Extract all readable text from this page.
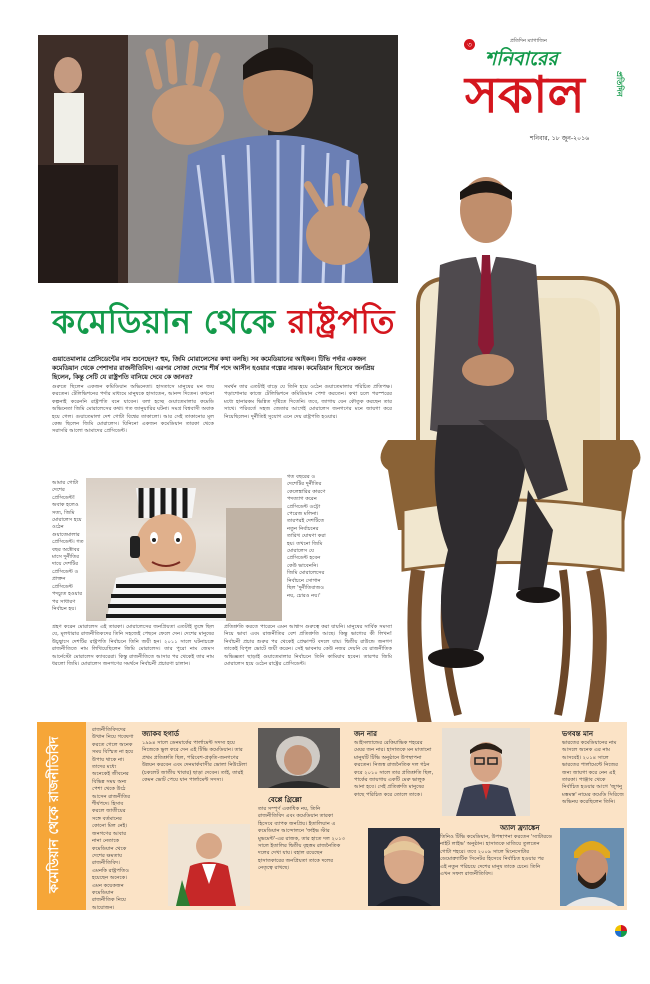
৩	প্রতিদিন ম্যাগাজিন
শনিবারের
সকাল	প্রতিদিন
শনিবার, ১৮ জুন-২০১৬
কমেডিয়ান থেকে রাষ্ট্রপতি
গুয়াতেমালার প্রেসিডেন্টের নাম শুনেছেন? হুম, জিমি মোরালেসের কথা বলছি। সব কমেডিয়ানের আইকন। টিভি পর্দার একজন কমেডিয়ান থেকে পেশাদার রাজনীতিবিদ। এরপর সোজা দেশের শীর্ষ পদে আসীন হওয়ার গল্পের নায়ক। কমেডিয়ান হিসেবে জনপ্রিয় ছিলেন, কিন্তু সেটি যে রাষ্ট্রপতি বানিয়ে দেবে কে জানত?
গুরুতে ছিলেন একজন কমিডিয়ান অভিনেতা। হাসতাসে মানুষের মন জয় করতেন। টেলিভিশনের পর্দার মাধ্যমে মানুষকে হাসাতেন, আনন্দ দিতেন। কখনো কল্পনাই করেননি রাষ্ট্রপতি বনে যাবেন। বলা হচ্ছে গুয়াতেমালার কমেডি অভিনেতা জিমি মোরালেসের কথা। গত জানুয়ারির ঘটনা। সমগ্র বিশ্ববাসী অবাক হয়ে গেল। গুয়াতেমালা দেশ গোটা বিশ্বের তাকালো। আর সেই তাকানোর মূল কেন্দ্র ছিলেন জিমি মোরালেস। যিনিনো একজন কমেডিয়ান তারকা থেকে সরাসরি আলো আমাদের প্রেসিডেন্ট।
সমর্থন তার এতটাই বাড়ে যে তিনি হয়ে ওঠেন গুয়াতেমালার পরিচিত প্রতিপক্ষ। পড়াশোনার কাজে টেলিভিশনে কমিডিয়ান পেশা করতেন। কথা চলে পরস্পরের মধ্যে হানারকম ভিন্নিত দৃষ্টিতে দিতেনি। তবে, জাগায় যেন কৌতুক করছেন তার সাথে। পরিবর্তে সহজ জেতার আগেই মোরালেস জনগণের মনে জায়গা করে নিয়েছিলেন। দুর্নীতিই সুযোগ এনে দেয় রাষ্ট্রপতি হওয়ার।
আমার গোটা দেশের প্রেসিডেন্ট! অবাক হলেও সত্য, জিমি মোরালেস হয়ে ওঠেন গুয়াতেমালার প্রেসিডেন্ট। গত বছর অক্টোবর মাসে দুর্নীতির দায়ে দেশটির প্রেসিডেন্ট ও প্রাক্তন প্রেসিডেন্ট পদচ্যুত হওয়ার পর সাধারণ নির্বাচন হয়।
গত বছরের ও দেশেটির দুর্নীতির কেলেঙ্কারির কারণে পদত্যাগ করেন প্রেসিডেন্ট ওট্টো পেরেজ মলিনা। তারপরই দেশটিতে নতুন নির্বাচনের তারিখ ঘোষণা করা হয়। তখনো জিমি মোরালেস যে প্রেসিডেন্ট হবেন কেউ ভাবেননি। জিমি মোরালেসের নির্বাচনে সোগান ছিল 'দুর্নীতিবাজও নয়, চোরও নয়।'
গ্রহণ করেন মোরালেস এই তারকা। মোরালেসের জনপ্রিয়তা এতটাই তুঙ্গে ছিল যে, মূলধারার রাজনীতিকদের তিনি সহজেই পেছনে ফেলে দেন। দেশের মানুষের উচ্ছ্বাসে দেশটির রাষ্ট্রপতি নির্বাচনে তিনি জয়ী হন। ২০১১ সালে ঘটনাচক্রে রাজনীতিতে নাম লিখিয়েছিলেন জিমি মোরালেস। তার পুরো নাম জেমস আর্নেস্টো মোরালেস ক্যাবরেরা। কিন্তু রাজনীতিতে আসার পর থেকেই তার নাম ধরলো জিমি। মোরালেস জনগণের সমর্থনে নির্বাচনী প্রচারণা চালান।
প্রতিশ্রুতি করতে পারেনে এমন আশ্বাস গুরুত্বে করা যায়নি। মানুষের সার্বিক সমস্যা নিয়ে ভাবা এবং রাজনীতির বেশ প্রতিশ্রুতি আছে। কিন্তু ভাগ্যের কী লিখন! নির্বাচনী প্রচার শুরুর পর থেকেই প্রেক্ষাপট বদলে যায়। দ্বিতীয় রাউন্ডে জনগণ তাকেই বিপুল ভোটে জয়ী করেন। সেই ভাবনায় কেউ নজর দেয়নি যে রাজনীতিক অভিজ্ঞতা ছাড়াই গুয়াতেমালার নির্বাচনে তিনি কামিয়াব হবেন। তারপর জিমি মোরালেস হয়ে ওঠেন রাষ্ট্রের প্রেসিডেন্ট।
কমেডিয়ান থেকে রাজনীতিবিদ
রাজনীতিবিদদের উত্থান নিয়ে গবেষণা করতে গেলে অনেক সময় বিস্মিত না হয়ে উপায় থাকে না। তাদের মধ্যে অনেকেই জীবনের বিভিন্ন সময় অন্য পেশা থেকে উঠে আসেন রাজনীতির শীর্ষপদে। হিসাব করলে জাতীয়ের সঙ্গে বর্তমানের কোনো মিল নেই। জনগণের আবার নানা নেতাকে কমেডিয়ান থেকে দেশের ক্ষমতায় রাজনীতিবিদ। এমনকি রাষ্ট্রপতিও হয়েছেন অনেকে। এমন কয়েকজন কমেডিয়ান রাজনীতিক নিয়ে আয়োজন।
জ্যাকব হগার্ড
১৯৯৪ সালে ডেনমার্কের পার্লামেন্ট সদস্য হয়ে নিজেকে ভুল করে দেন এই টিভি কমেডিয়ান। তার প্রথম প্রতিশ্রুতি ছিল, পরিবেশ-প্রকৃতি-জনগণের উন্নয়ন করবেন এবং দেনমার্কবাসীর ভোলা নিউটেলা (চকলেট জাতীয় খাবার) ছাড়া দেবেন। তাই, তারই কেমন ভোট পেয়ে যান পার্লামেন্ট সদস্য।
বেপ্পে গ্রিল্লো
তার সম্পূর্ণ একাধিক নয়, তিনি রাজনীতিবিদ এবং কমেডিয়ান তারকা হিসেবে ব্যাপক জনপ্রিয়। ইতালিয়ান এ কমেডিয়ান আন্দোলনে 'ফাইভ স্টার মুভমেন্ট'-এর রাজক, তার হাতে দল ২০১৩ সালে ইতালির দ্বিতীয় বৃহত্তম রাজনৈতিক দলের দেখা যায়। বহাল রয়েছেন হাসাতকারের জনপ্রিয়তা তাকে দলের নেতৃত্বে রাখছে।
জন নার
আইসল্যান্ডের রেকিয়াভিক শহরের মেয়র জন নার। হাসাতকে মন মাতানো মানুষটি টিভি অনুষ্ঠানে উপস্থাপনা করতেন। নিজস্ব রাজনৈতিক দল গঠন করে ২০১০ সালে তার প্রতিশ্রুতি ছিল, পার্কের জায়গায় একটি মেরু ভালুক আনা হবে। সেই প্রতিশ্রুতি মানুষের কাছে পরিচিত করে তোলে তাকে।
অ্যাল ফ্র্যাঙ্কেন
তিনিও টিভি কমেডিয়ান, উপস্থাপনা করতেন 'স্যাটারডে নাইট লাইভ' অনুষ্ঠান। হাসাতকে মাতিয়ে তুলতেন গোটা শহরে। তবে ২০০৯ সালে মিনেসোটার ডেমোক্র্যাটিক সিনেটর হিসেবে নির্বাচিত হওয়ার পর এই নতুন পরিচয়ে দেশের মানুষ তাকে চেনে। তিনি এখন সফল রাজনীতিবিদ।
ভগবন্ত মান
ভারতের কমেডিয়ানের নাম আসলে অনেক এর নাম আসবেই। ২০১৪ সালে ভারতের পার্লামেন্টে নিজের জন্য জায়গা করে নেন এই তারকা। পাঞ্জাব থেকে নির্বাচিত হওয়ার আগে 'জুগনু মস্তমস্ত' নামের কমেডি সিরিজে অভিনয় করেছিলেন তিনি।
